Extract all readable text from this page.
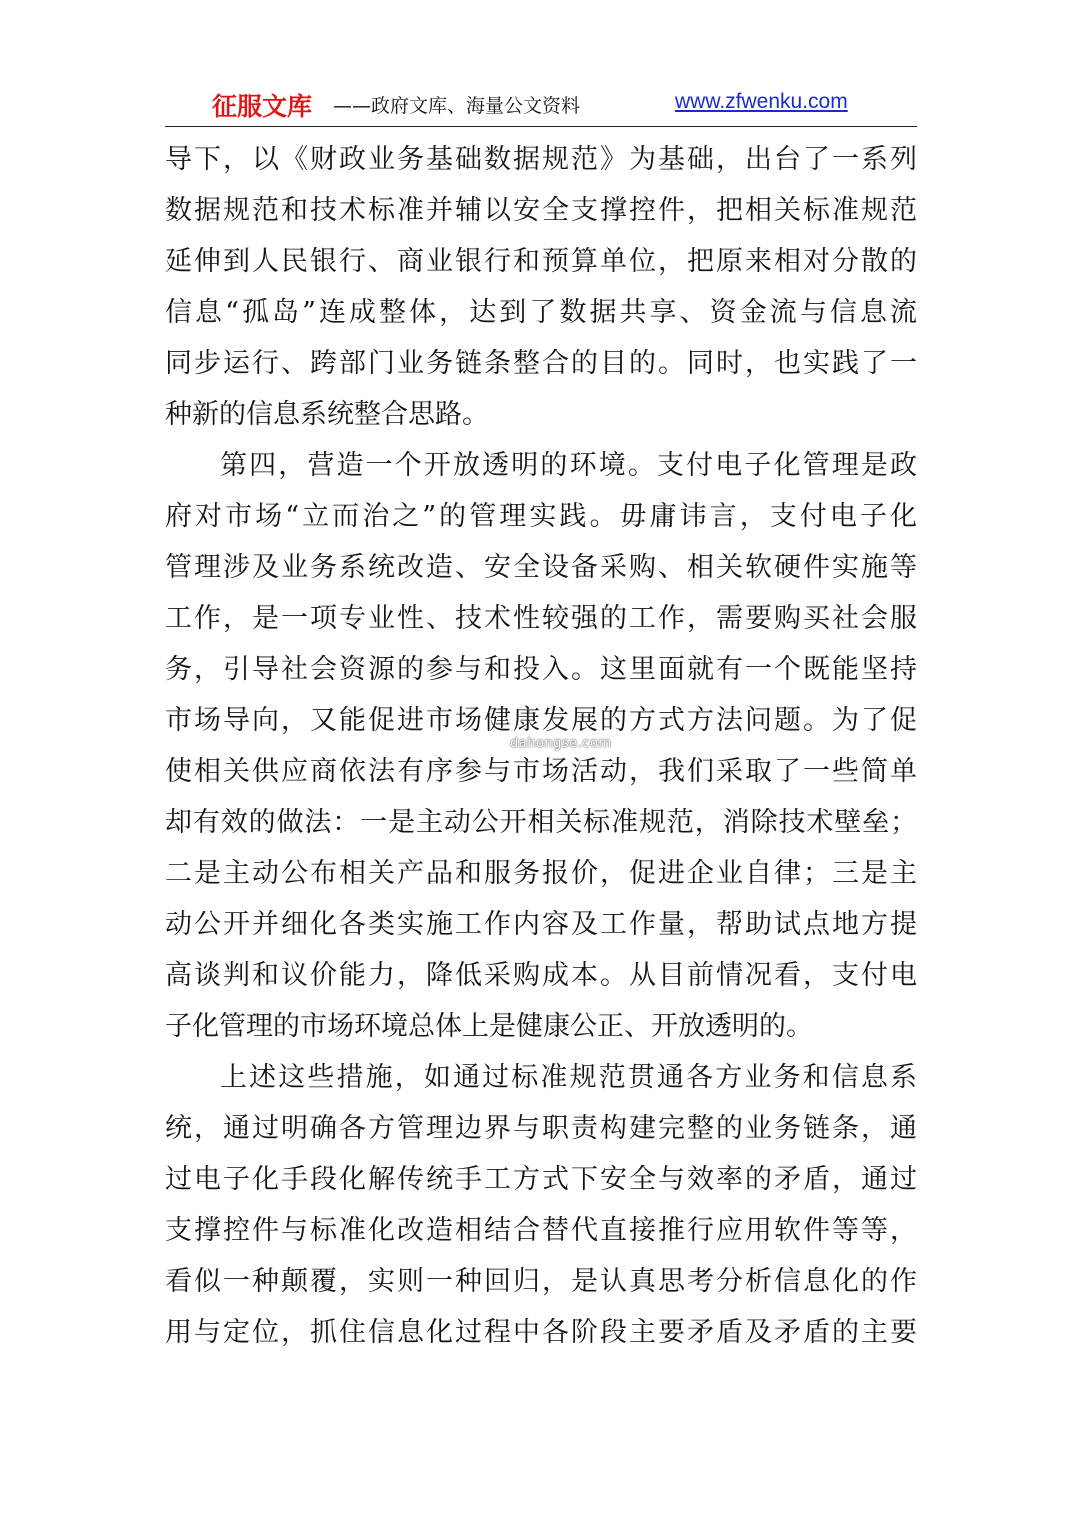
征服文库 ——政府文库、海量公文资料	www.zfwenku.com
导下，以《财政业务基础数据规范》为基础，出台了一系列
数据规范和技术标准并辅以安全支撑控件，把相关标准规范
延伸到人民银行、商业银行和预算单位，把原来相对分散的
信息“孤岛”连成整体，达到了数据共享、资金流与信息流
同步运行、跨部门业务链条整合的目的。同时，也实践了一
种新的信息系统整合思路。
第四，营造一个开放透明的环境。支付电子化管理是政
府对市场“立而治之”的管理实践。毋庸讳言，支付电子化
管理涉及业务系统改造、安全设备采购、相关软硬件实施等
工作，是一项专业性、技术性较强的工作，需要购买社会服
务，引导社会资源的参与和投入。这里面就有一个既能坚持
市场导向，又能促进市场健康发展的方式方法问题。为了促
使相关供应商依法有序参与市场活动，我们采取了一些简单
却有效的做法：一是主动公开相关标准规范，消除技术壁垒；
二是主动公布相关产品和服务报价，促进企业自律；三是主
动公开并细化各类实施工作内容及工作量，帮助试点地方提
高谈判和议价能力，降低采购成本。从目前情况看，支付电
子化管理的市场环境总体上是健康公正、开放透明的。
上述这些措施，如通过标准规范贯通各方业务和信息系
统，通过明确各方管理边界与职责构建完整的业务链条，通
过电子化手段化解传统手工方式下安全与效率的矛盾，通过
支撑控件与标准化改造相结合替代直接推行应用软件等等，
看似一种颠覆，实则一种回归，是认真思考分析信息化的作
用与定位，抓住信息化过程中各阶段主要矛盾及矛盾的主要
dahongse.com
